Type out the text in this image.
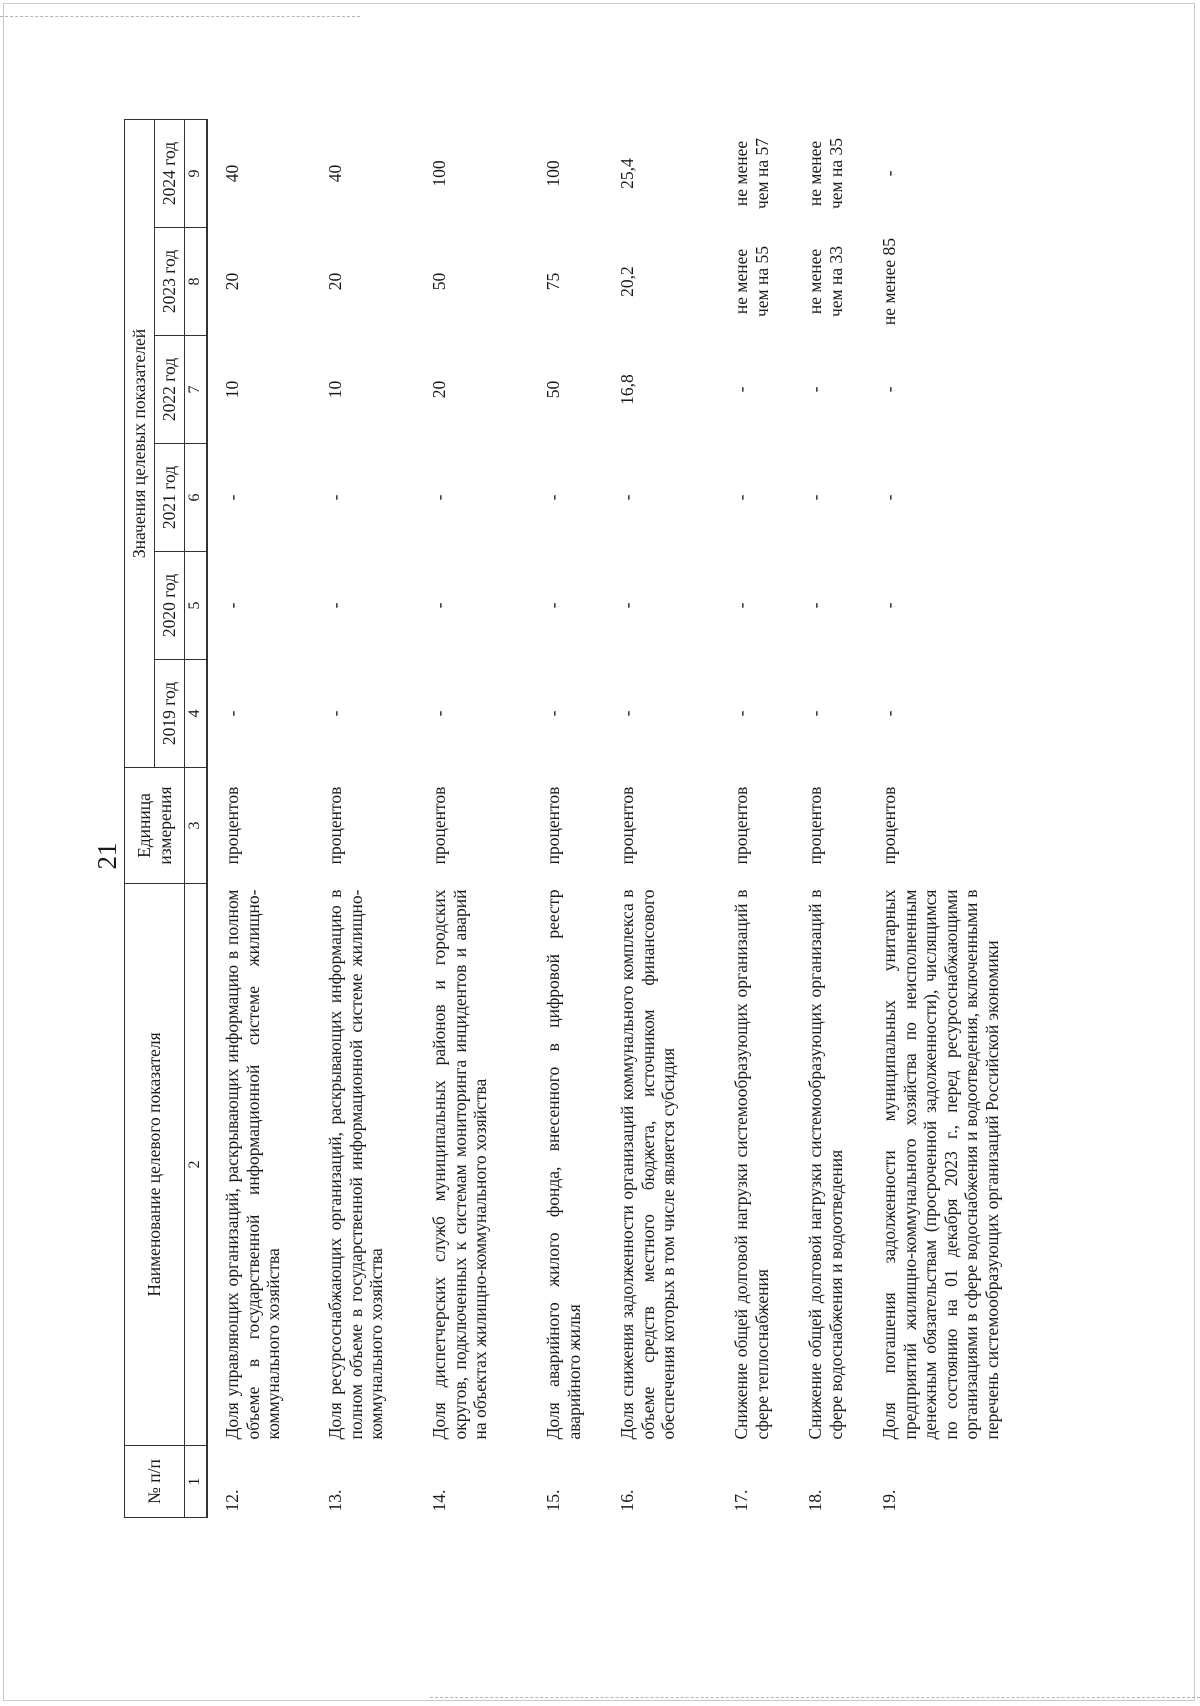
21
№ п/п	Наименование целевого показателя	Единица измерения	Значения целевых показателей					
			2019 год	2020 год	2021 год	2022 год	2023 год	2024 год
1	2	3	4	5	6	7	8	9
12.	Доля управляющих организаций, раскрывающих информацию в полном объеме в государственной информационной системе жилищно-коммунального хозяйства	процентов	-	-	-	10	20	40
13.	Доля ресурсоснабжающих организаций, раскрывающих информацию в полном объеме в государственной информационной системе жилищно-коммунального хозяйства	процентов	-	-	-	10	20	40
14.	Доля диспетчерских служб муниципальных районов и городских округов, подключенных к системам мониторинга инцидентов и аварий на объектах жилищно-коммунального хозяйства	процентов	-	-	-	20	50	100
15.	Доля аварийного жилого фонда, внесенного в цифровой реестр аварийного жилья	процентов	-	-	-	50	75	100
16.	Доля снижения задолженности организаций коммунального комплекса в объеме средств местного бюджета, источником финансового обеспечения которых в том числе является субсидия	процентов	-	-	-	16,8	20,2	25,4
17.	Снижение общей долговой нагрузки системообразующих организаций в сфере теплоснабжения	процентов	-	-	-	-	не менее чем на 55	не менее чем на 57
18.	Снижение общей долговой нагрузки системообразующих организаций в сфере водоснабжения и водоотведения	процентов	-	-	-	-	не менее чем на 33	не менее чем на 35
19.	Доля погашения задолженности муниципальных унитарных предприятий жилищно-коммунального хозяйства по неисполненным денежным обязательствам (просроченной задолженности), числящимся по состоянию на 01 декабря 2023 г., перед ресурсоснабжающими организациями в сфере водоснабжения и водоотведения, включенными в перечень системообразующих организаций Российской экономики	процентов	-	-	-	-	не менее 85	-
